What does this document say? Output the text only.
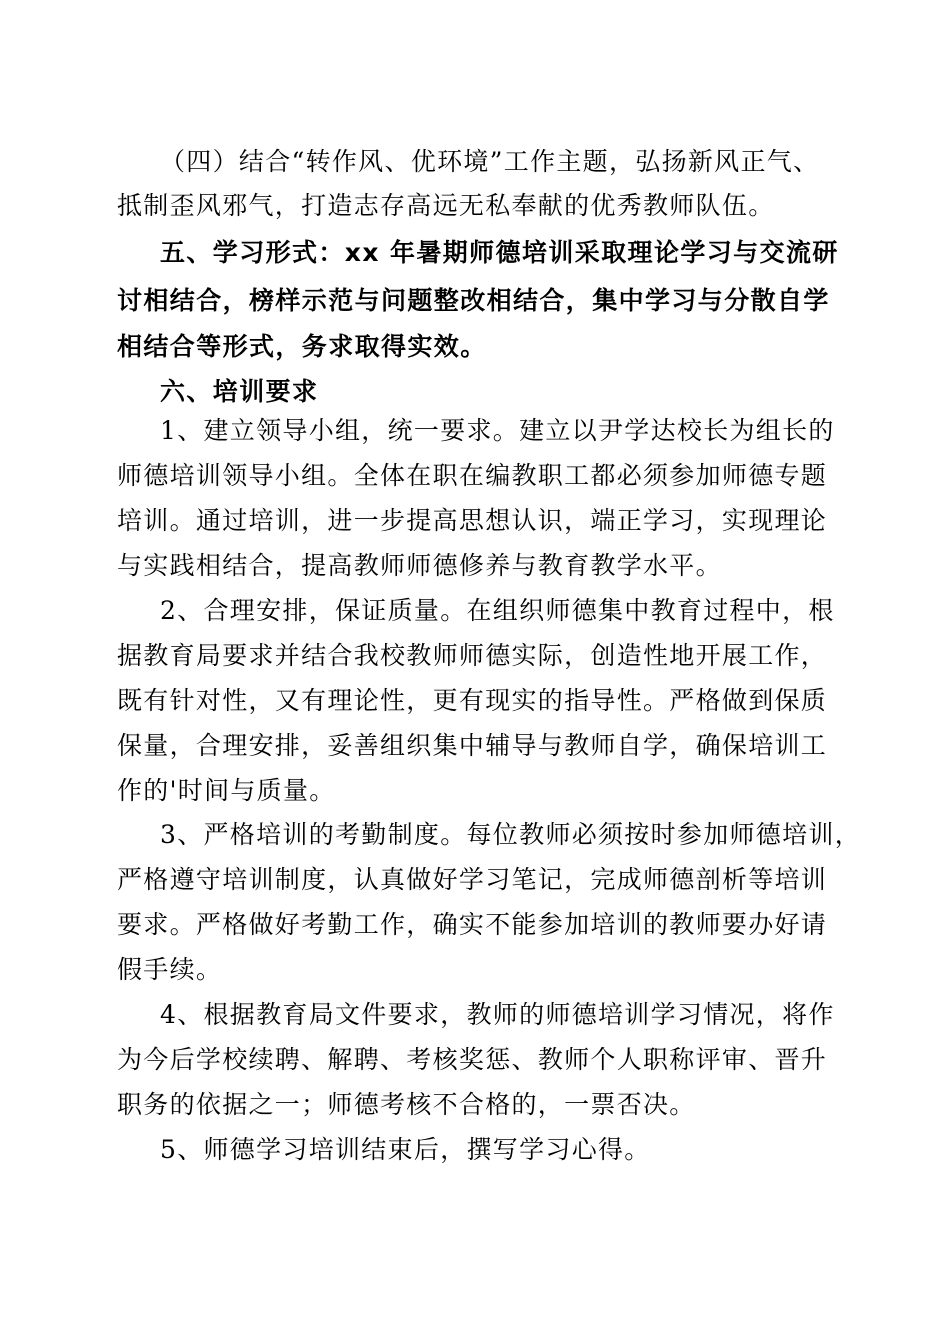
（四）结合“转作风、优环境”工作主题，弘扬新风正气、
抵制歪风邪气，打造志存高远无私奉献的优秀教师队伍。
五、学习形式：xx 年暑期师德培训采取理论学习与交流研
讨相结合，榜样示范与问题整改相结合，集中学习与分散自学
相结合等形式，务求取得实效。
六、培训要求
1、建立领导小组，统一要求。建立以尹学达校长为组长的
师德培训领导小组。全体在职在编教职工都必须参加师德专题
培训。通过培训，进一步提高思想认识，端正学习，实现理论
与实践相结合，提高教师师德修养与教育教学水平。
2、合理安排，保证质量。在组织师德集中教育过程中，根
据教育局要求并结合我校教师师德实际，创造性地开展工作，
既有针对性，又有理论性，更有现实的指导性。严格做到保质
保量，合理安排，妥善组织集中辅导与教师自学，确保培训工
作的'时间与质量。
3、严格培训的考勤制度。每位教师必须按时参加师德培训，
严格遵守培训制度，认真做好学习笔记，完成师德剖析等培训
要求。严格做好考勤工作，确实不能参加培训的教师要办好请
假手续。
4、根据教育局文件要求，教师的师德培训学习情况，将作
为今后学校续聘、解聘、考核奖惩、教师个人职称评审、晋升
职务的依据之一；师德考核不合格的，一票否决。
5、师德学习培训结束后，撰写学习心得。
